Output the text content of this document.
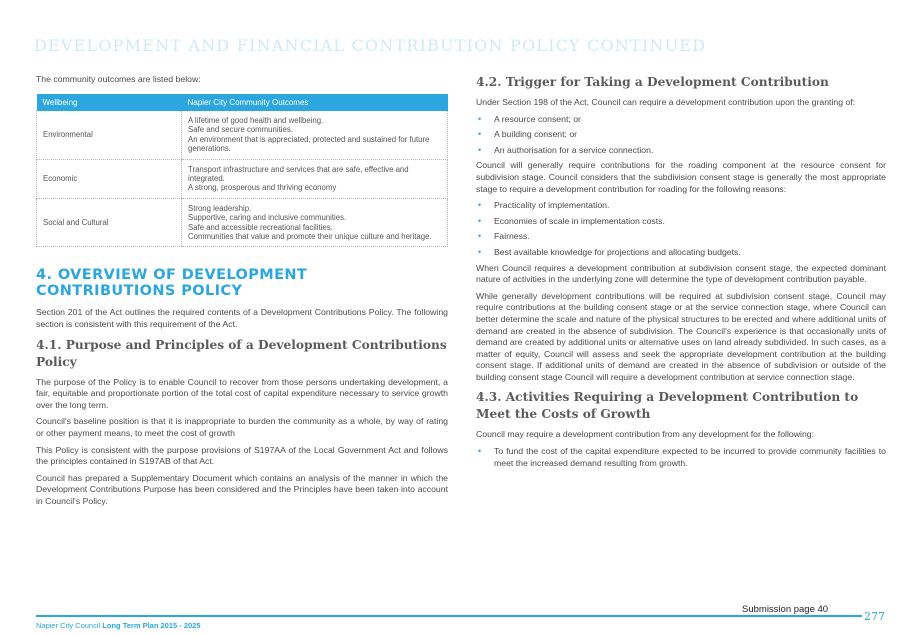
DEVELOPMENT AND FINANCIAL CONTRIBUTION POLICY CONTINUED

The community outcomes are listed below:

Wellbeing	Napier City Community Outcomes
Environmental	A lifetime of good health and wellbeing.
Safe and secure communities.
An environment that is appreciated, protected and sustained for future generations.

Economic	Transport infrastructure and services that are safe, effective and integrated.
A strong, prosperous and thriving economy

Social and Cultural	Strong leadership.
Supportive, caring and inclusive communities.
Safe and accessible recreational facilities.
Communities that value and promote their unique culture and heritage.
4. OVERVIEW OF DEVELOPMENT CONTRIBUTIONS POLICY

Section 201 of the Act outlines the required contents of a Development Contributions Policy. The following section is consistent with this requirement of the Act.

4.1. Purpose and Principles of a Development Contributions Policy

The purpose of the Policy is to enable Council to recover from those persons undertaking development, a fair, equitable and proportionate portion of the total cost of capital expenditure necessary to service growth over the long term.

Council's baseline position is that it is inappropriate to burden the community as a whole, by way of rating or other payment means, to meet the cost of growth

This Policy is consistent with the purpose provisions of S197AA of the Local Government Act and follows the principles contained in S197AB of that Act.

Council has prepared a Supplementary Document which contains an analysis of the manner in which the Development Contributions Purpose has been considered and the Principles have been taken into account in Council's Policy.

4.2. Trigger for Taking a Development Contribution

Under Section 198 of the Act, Council can require a development contribution upon the granting of:

• A resource consent; or
• A building consent; or
• An authorisation for a service connection.

Council will generally require contributions for the roading component at the resource consent for subdivision stage. Council considers that the subdivision consent stage is generally the most appropriate stage to require a development contribution for roading for the following reasons:

• Practicality of implementation.
• Economies of scale in implementation costs.
• Fairness.
• Best available knowledge for projections and allocating budgets.

When Council requires a development contribution at subdivision consent stage, the expected dominant nature of activities in the underlying zone will determine the type of development contribution payable.

While generally development contributions will be required at subdivision consent stage, Council may require contributions at the building consent stage or at the service connection stage, where Council can better determine the scale and nature of the physical structures to be erected and where additional units of demand are created in the absence of subdivision. The Council's experience is that occasionally units of demand are created by additional units or alternative uses on land already subdivided. In such cases, as a matter of equity, Council will assess and seek the appropriate development contribution at the building consent stage. If additional units of demand are created in the absence of subdivision or outside of the building consent stage Council will require a development contribution at service connection stage.

4.3. Activities Requiring a Development Contribution to Meet the Costs of Growth

Council may require a development contribution from any development for the following:

• To fund the cost of the capital expenditure expected to be incurred to provide community facilities to meet the increased demand resulting from growth.
Submission page 40
Napier City Council Long Term Plan 2015 - 2025
277
